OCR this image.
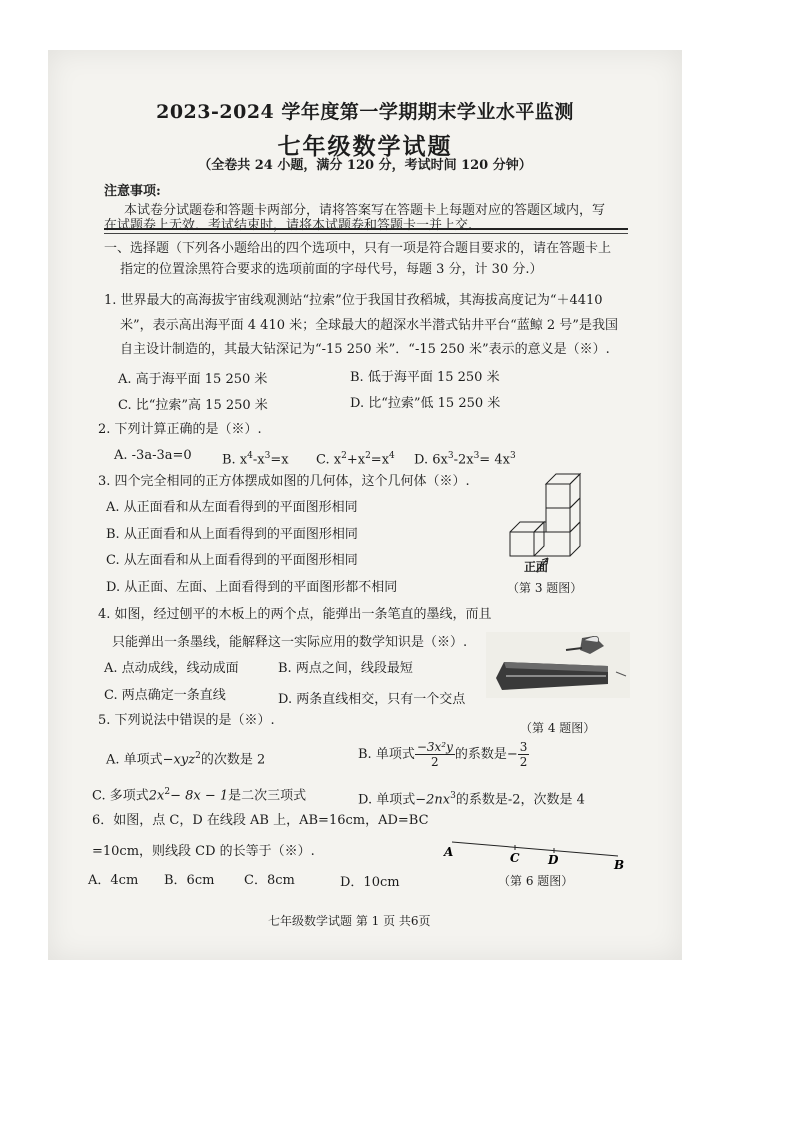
2023-2024 学年度第一学期期末学业水平监测
七年级数学试题
（全卷共 24 小题，满分 120 分，考试时间 120 分钟）
注意事项:
本试卷分试题卷和答题卡两部分，请将答案写在答题卡上每题对应的答题区域内，写
在试题卷上无效．考试结束时，请将本试题卷和答题卡一并上交.
一、选择题（下列各小题给出的四个选项中，只有一项是符合题目要求的，请在答题卡上
指定的位置涂黑符合要求的选项前面的字母代号，每题 3 分，计 30 分.）
1. 世界最大的高海拔宇宙线观测站“拉索”位于我国甘孜稻城，其海拔高度记为“＋4410
米”，表示高出海平面 4 410 米；全球最大的超深水半潜式钻井平台“蓝鲸 2 号”是我国
自主设计制造的，其最大钻深记为“-15 250 米”．“-15 250 米”表示的意义是（※）.
A. 高于海平面 15 250 米	B. 低于海平面 15 250 米
C. 比“拉索”高 15 250 米	D. 比“拉索”低 15 250 米
2. 下列计算正确的是（※）.
A. -3a-3a=0 B. $x^4-x^3=x$ C. $x^2+x^2=x^4$ D. $6x^3-2x^3= 4x^3$
3. 四个完全相同的正方体摆成如图的几何体，这个几何体（※）.
A. 从正面看和从左面看得到的平面图形相同
B. 从正面看和从上面看得到的平面图形相同
C. 从左面看和从上面看得到的平面图形相同
D. 从正面、左面、上面看得到的平面图形都不相同
正面
（第 3 题图）
4. 如图，经过刨平的木板上的两个点，能弹出一条笔直的墨线，而且
只能弹出一条墨线，能解释这一实际应用的数学知识是（※）.
A. 点动成线，线动成面	B. 两点之间，线段最短
C. 两点确定一条直线	D. 两条直线相交，只有一个交点
（第 4 题图）
5. 下列说法中错误的是（※）.
A. 单项式−xyz$^2$的次数是 2	B. 单项式 $\frac{\text{−3x²y}}{2}$ 的系数是− $\frac{3}{2}$
C. 多项式$2x^2- 8x - 1$是二次三项式	D. 单项式$-2nx^3$的系数是-2，次数是 4
6．如图，点 C，D 在线段 AB 上，AB=16cm，AD=BC
=10cm，则线段 CD 的长等于（※）.
A．4cm B．6cm C．8cm	D．10cm
A	C D	B
（第 6 题图）
七年级数学试题 第 1 页 共6页
